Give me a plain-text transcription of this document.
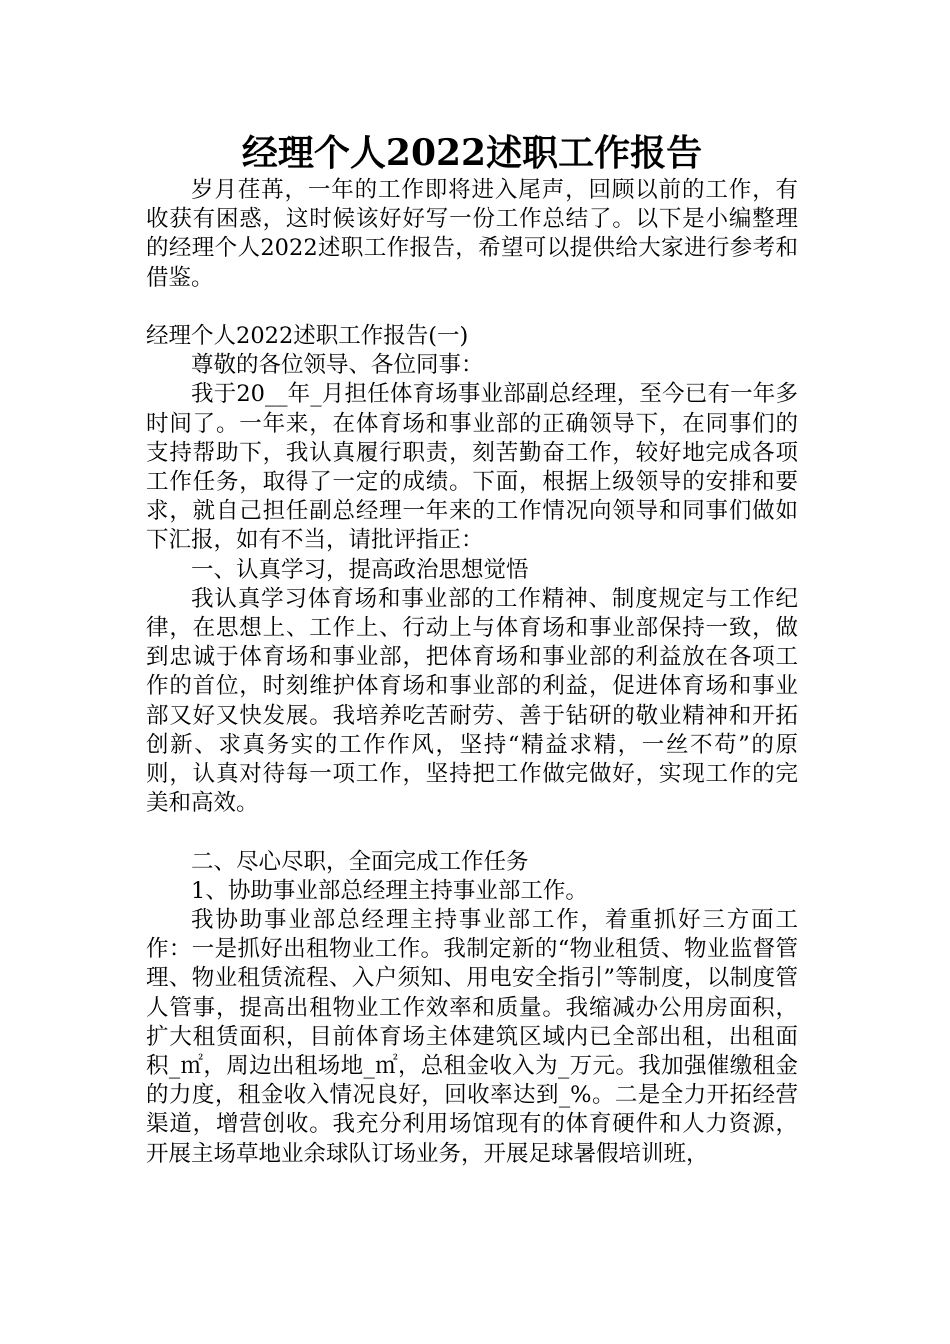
经理个人2022述职工作报告

岁月荏苒，一年的工作即将进入尾声，回顾以前的工作，有收获有困惑，这时候该好好写一份工作总结了。以下是小编整理的经理个人2022述职工作报告，希望可以提供给大家进行参考和借鉴。

经理个人2022述职工作报告(一)

尊敬的各位领导、各位同事：

我于20__年_月担任体育场事业部副总经理，至今已有一年多时间了。一年来，在体育场和事业部的正确领导下，在同事们的支持帮助下，我认真履行职责，刻苦勤奋工作，较好地完成各项工作任务，取得了一定的成绩。下面，根据上级领导的安排和要求，就自己担任副总经理一年来的工作情况向领导和同事们做如下汇报，如有不当，请批评指正：

一、认真学习，提高政治思想觉悟

我认真学习体育场和事业部的工作精神、制度规定与工作纪律，在思想上、工作上、行动上与体育场和事业部保持一致，做到忠诚于体育场和事业部，把体育场和事业部的利益放在各项工作的首位，时刻维护体育场和事业部的利益，促进体育场和事业部又好又快发展。我培养吃苦耐劳、善于钻研的敬业精神和开拓创新、求真务实的工作作风，坚持“精益求精，一丝不苟”的原则，认真对待每一项工作，坚持把工作做完做好，实现工作的完美和高效。

二、尽心尽职，全面完成工作任务

1、协助事业部总经理主持事业部工作。

我协助事业部总经理主持事业部工作，着重抓好三方面工作：一是抓好出租物业工作。我制定新的“物业租赁、物业监督管理、物业租赁流程、入户须知、用电安全指引”等制度，以制度管人管事，提高出租物业工作效率和质量。我缩减办公用房面积，扩大租赁面积，目前体育场主体建筑区域内已全部出租，出租面积_㎡，周边出租场地_㎡，总租金收入为_万元。我加强催缴租金的力度，租金收入情况良好，回收率达到_%。二是全力开拓经营渠道，增营创收。我充分利用场馆现有的体育硬件和人力资源，开展主场草地业余球队订场业务，开展足球暑假培训班，
